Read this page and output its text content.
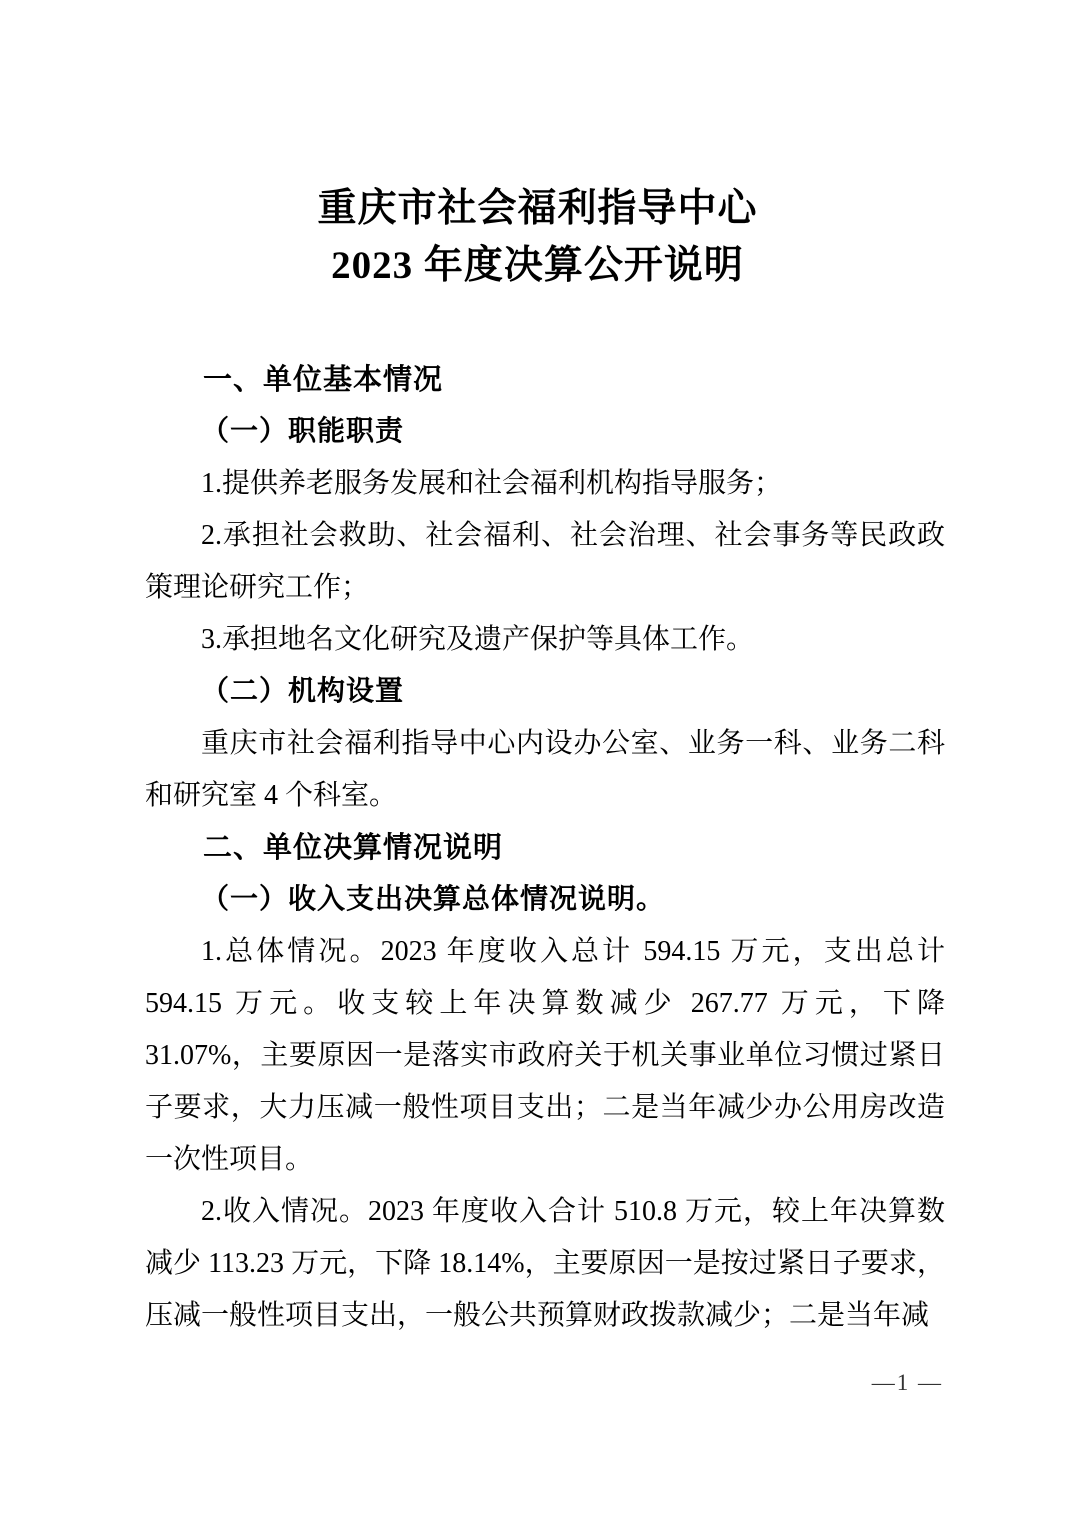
重庆市社会福利指导中心
2023 年度决算公开说明
一、单位基本情况
（一）职能职责
1.提供养老服务发展和社会福利机构指导服务；
2.承担社会救助、社会福利、社会治理、社会事务等民政政策理论研究工作；
3.承担地名文化研究及遗产保护等具体工作。
（二）机构设置
重庆市社会福利指导中心内设办公室、业务一科、业务二科和研究室 4 个科室。
二、单位决算情况说明
（一）收入支出决算总体情况说明。
1.总体情况。2023 年度收入总计 594.15 万元，支出总计 594.15 万元。收支较上年决算数减少 267.77 万元，下降 31.07%，主要原因一是落实市政府关于机关事业单位习惯过紧日子要求，大力压减一般性项目支出；二是当年减少办公用房改造一次性项目。
2.收入情况。2023 年度收入合计 510.8 万元，较上年决算数减少 113.23 万元，下降 18.14%，主要原因一是按过紧日子要求，压减一般性项目支出，一般公共预算财政拨款减少；二是当年减
—1 —
